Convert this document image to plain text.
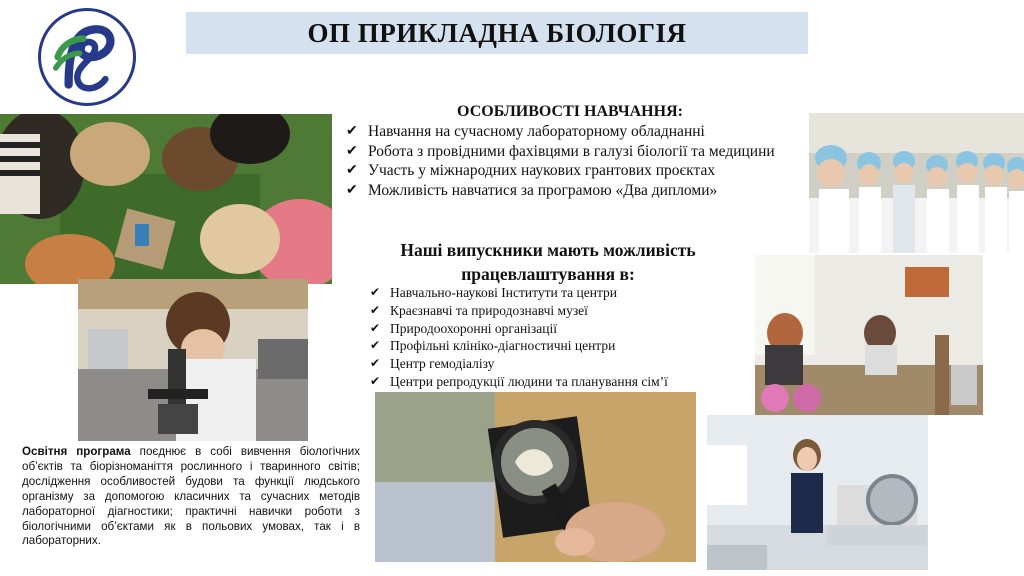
ОП ПРИКЛАДНА БІОЛОГІЯ
ОСОБЛИВОСТІ НАВЧАННЯ:
✔ Навчання на сучасному лабораторному обладнанні
✔ Робота з провідними фахівцями в галузі біології та медицини
✔ Участь у міжнародних наукових грантових проєктах
✔ Можливість навчатися за програмою «Два дипломи»
Наші випускники мають можливість працевлаштування в:
✔ Навчально-наукові Інститути та центри
✔ Краєзнавчі та природознавчі музеї
✔ Природоохоронні організації
✔ Профільні клініко-діагностичні центри
✔ Центр гемодіалізу
✔ Центри репродукції людини та планування сім’ї
Освітня програма поєднює в собі вивчення біологічних об’єктів та біорізноманіття рослинного і тваринного світів; дослідження особливостей будови та функції людського організму за допомогою класичних та сучасних методів лабораторної діагностики; практичні навички роботи з біологічними об’єктами як в польових умовах, так і в лабораторних.
